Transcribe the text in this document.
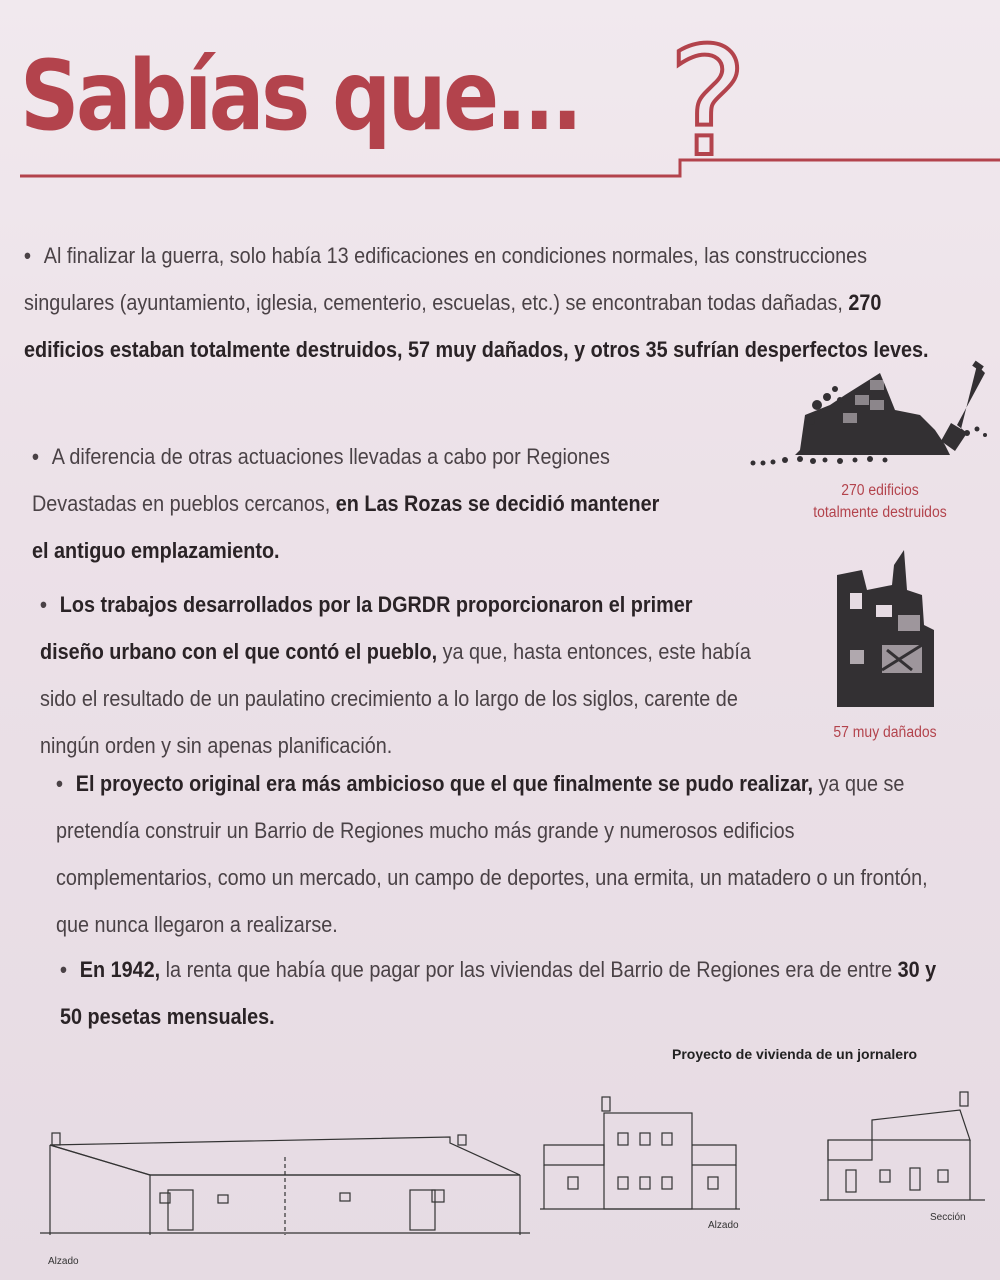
Sabías que... ?
• Al finalizar la guerra, solo había 13 edificaciones en condiciones normales, las construcciones singulares (ayuntamiento, iglesia, cementerio, escuelas, etc.) se encontraban todas dañadas, 270 edificios estaban totalmente destruidos, 57 muy dañados, y otros 35 sufrían desperfectos leves.
• A diferencia de otras actuaciones llevadas a cabo por Regiones Devastadas en pueblos cercanos, en Las Rozas se decidió mantener el antiguo emplazamiento.
• Los trabajos desarrollados por la DGRDR proporcionaron el primer diseño urbano con el que contó el pueblo, ya que, hasta entonces, este había sido el resultado de un paulatino crecimiento a lo largo de los siglos, carente de ningún orden y sin apenas planificación.
• El proyecto original era más ambicioso que el que finalmente se pudo realizar, ya que se pretendía construir un Barrio de Regiones mucho más grande y numerosos edificios complementarios, como un mercado, un campo de deportes, una ermita, un matadero o un frontón, que nunca llegaron a realizarse.
• En 1942, la renta que había que pagar por las viviendas del Barrio de Regiones era de entre 30 y 50 pesetas mensuales.
270 edificios
totalmente destruidos
57 muy dañados
Proyecto de vivienda de un jornalero
Alzado
Alzado
Sección
